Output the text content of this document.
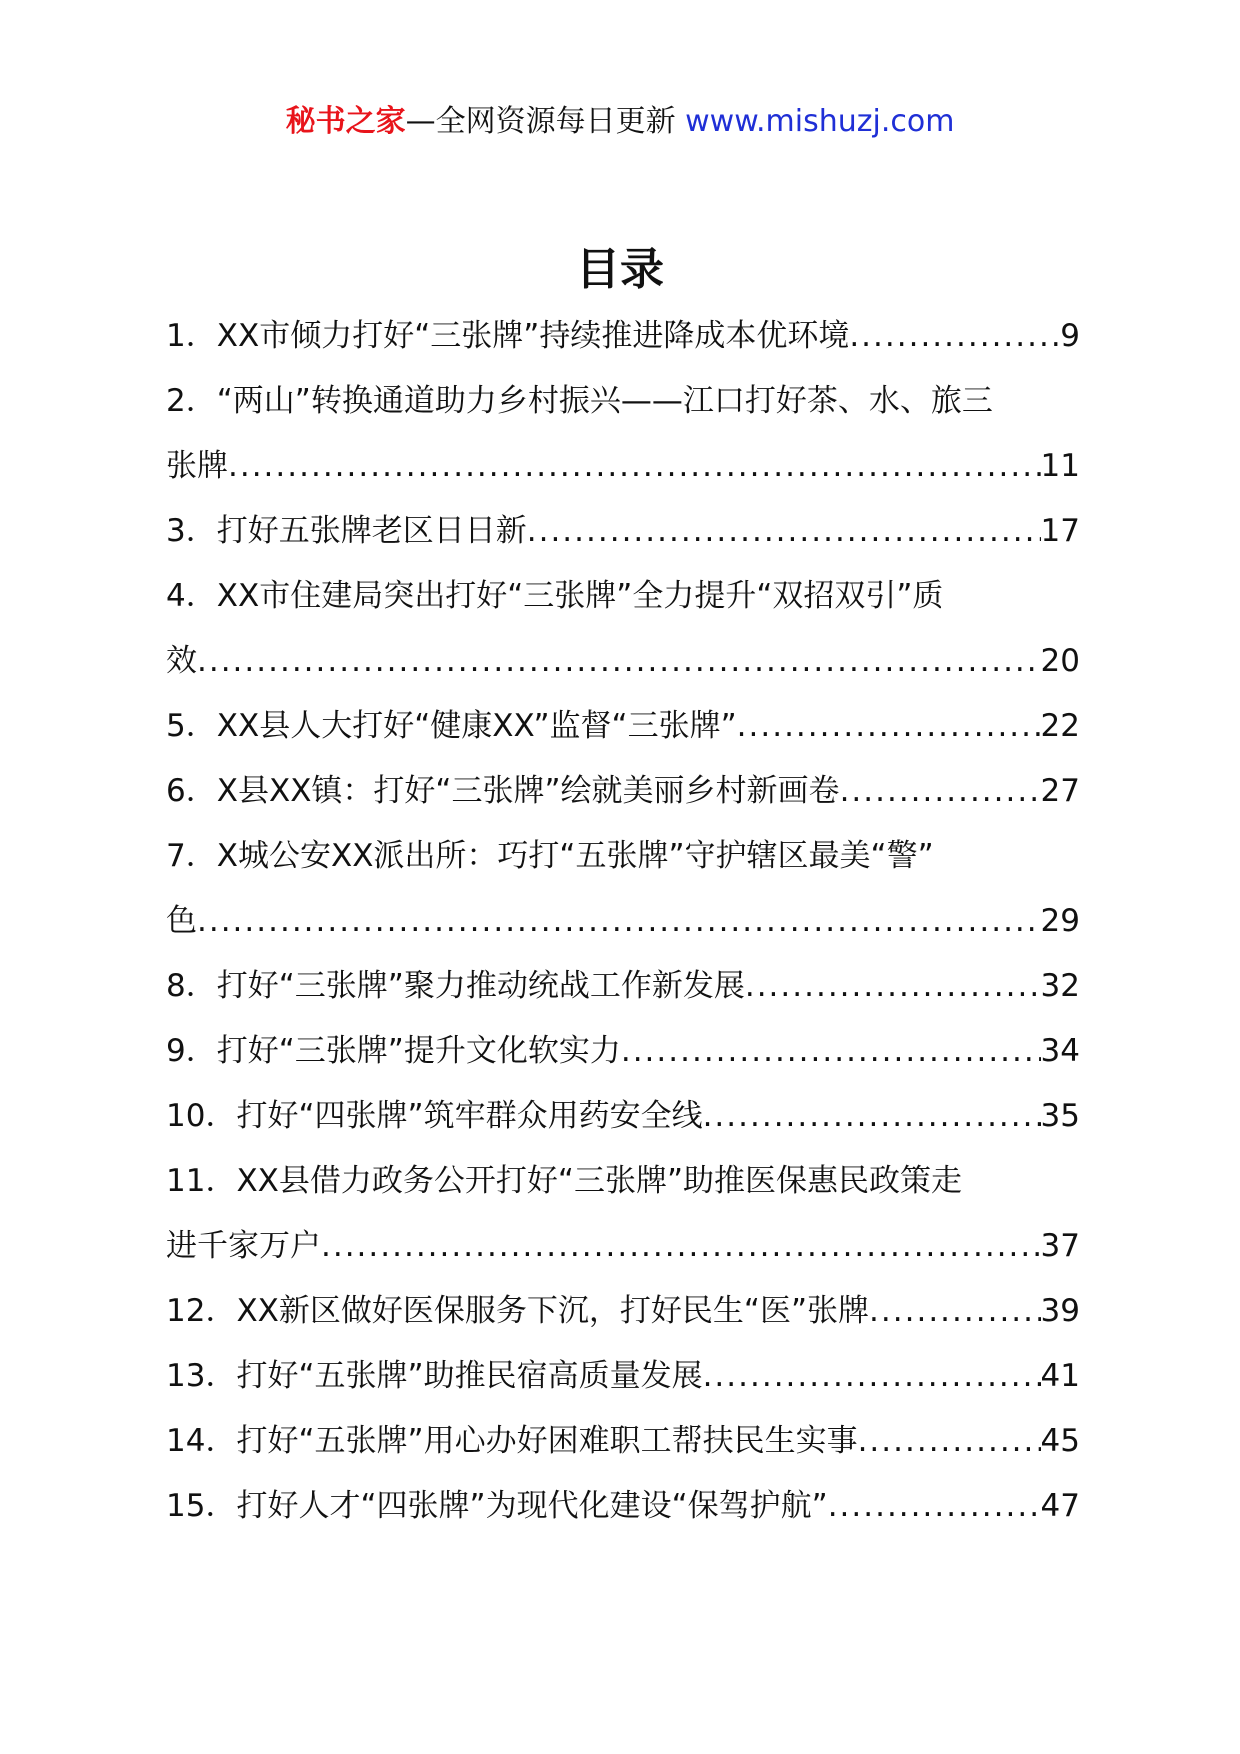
秘书之家—全网资源每日更新 www.mishuzj.com
目录
1．XX市倾力打好“三张牌”持续推进降成本优环境 .....	9
2．“两山”转换通道助力乡村振兴——江口打好茶、水、旅三
张牌 .....	11
3．打好五张牌老区日日新 .....	17
4．XX市住建局突出打好“三张牌”全力提升“双招双引”质
效 .....	20
5．XX县人大打好“健康XX”监督“三张牌” .....	22
6．X县XX镇：打好“三张牌”绘就美丽乡村新画卷 .....	27
7．X城公安XX派出所：巧打“五张牌”守护辖区最美“警”
色 .....	29
8．打好“三张牌”聚力推动统战工作新发展 .....	32
9．打好“三张牌”提升文化软实力 .....	34
10．打好“四张牌”筑牢群众用药安全线 .....	35
11．XX县借力政务公开打好“三张牌”助推医保惠民政策走
进千家万户 .....	37
12．XX新区做好医保服务下沉，打好民生“医”张牌 .....	39
13．打好“五张牌”助推民宿高质量发展 .....	41
14．打好“五张牌”用心办好困难职工帮扶民生实事 .....	45
15．打好人才“四张牌”为现代化建设“保驾护航” .....	47
